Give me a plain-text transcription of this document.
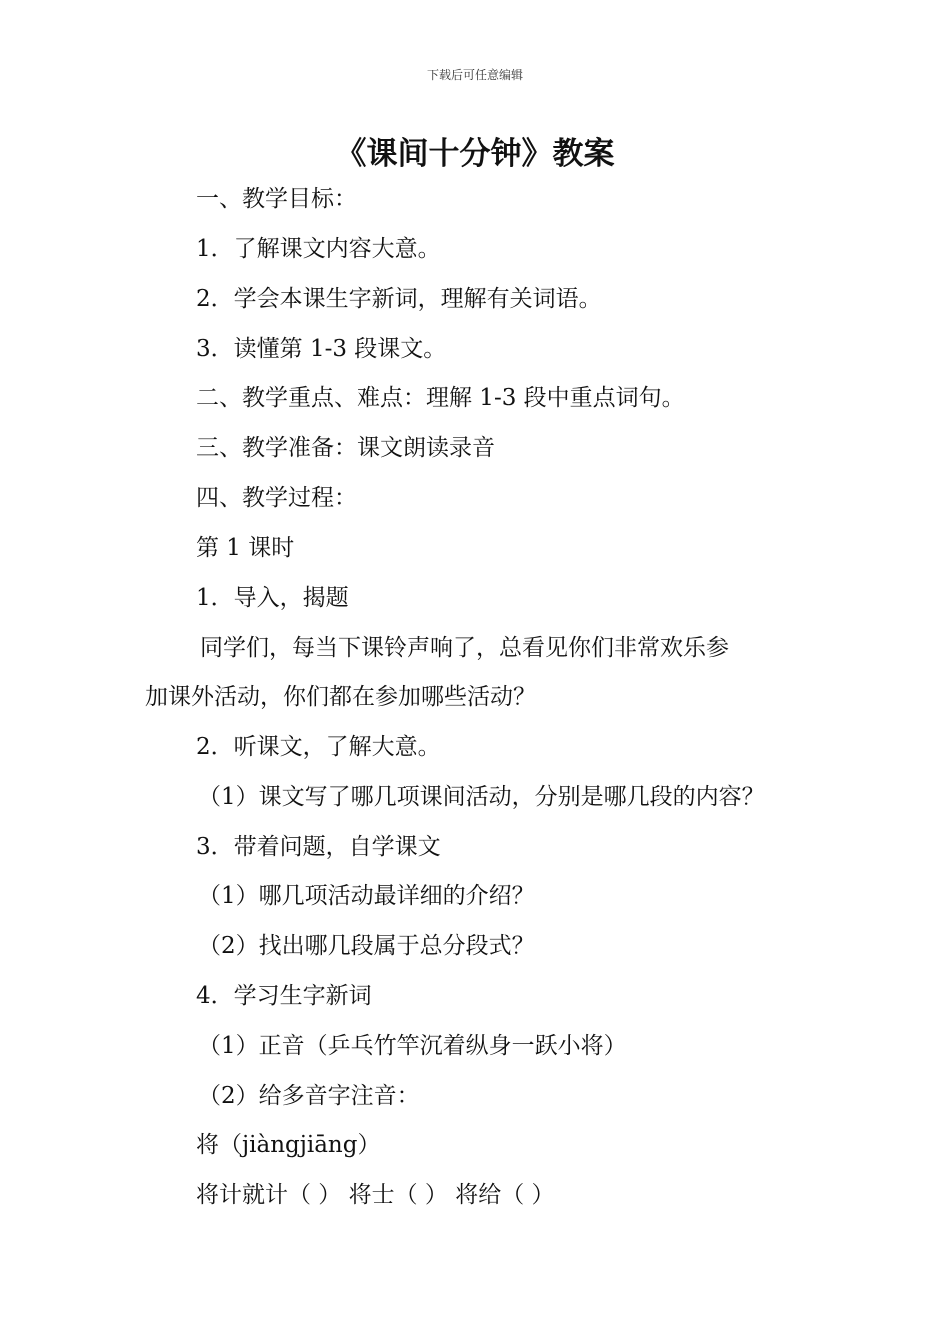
下载后可任意编辑
《课间十分钟》教案
一、教学目标：
1．了解课文内容大意。
2．学会本课生字新词，理解有关词语。
3．读懂第 1-3 段课文。
二、教学重点、难点：理解 1-3 段中重点词句。
三、教学准备：课文朗读录音
四、教学过程：
第 1 课时
1．导入，揭题
同学们，每当下课铃声响了，总看见你们非常欢乐参
加课外活动，你们都在参加哪些活动？
2．听课文，了解大意。
（1）课文写了哪几项课间活动，分别是哪几段的内容？
3．带着问题，自学课文
（1）哪几项活动最详细的介绍？
（2）找出哪几段属于总分段式？
4．学习生字新词
（1）正音（乒乓竹竿沉着纵身一跃小将）
（2）给多音字注音：
将（jiàngjiāng）
将计就计（ ） 将士（ ） 将给（ ）
